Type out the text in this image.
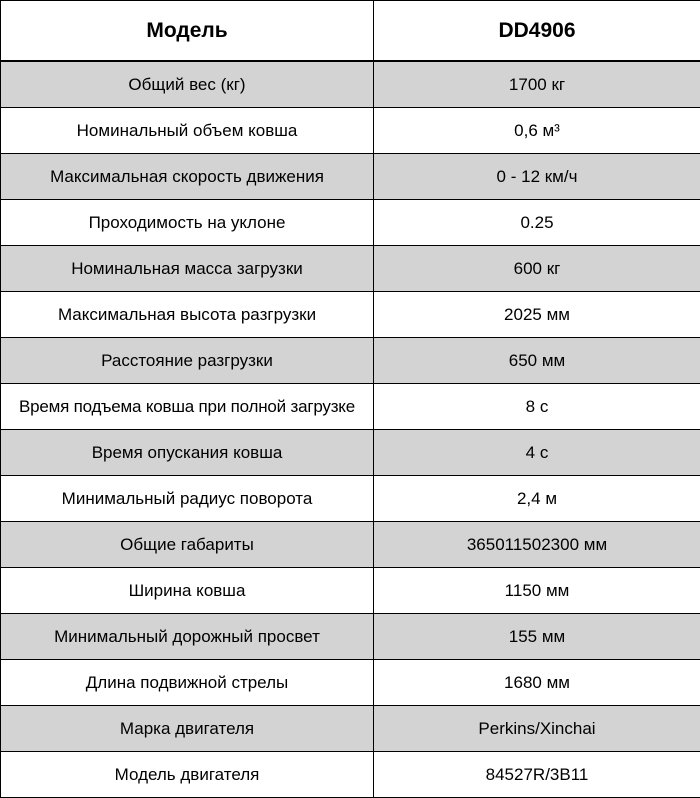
Модель	DD4906
Общий вес (кг)	1700 кг
Номинальный объем ковша	0,6 м³
Максимальная скорость движения	0 - 12 км/ч
Проходимость на уклоне	0.25
Номинальная масса загрузки	600 кг
Максимальная высота разгрузки	2025 мм
Расстояние разгрузки	650 мм
Время подъема ковша при полной загрузке	8 с
Время опускания ковша	4 с
Минимальный радиус поворота	2,4 м
Общие габариты	365011502300 мм
Ширина ковша	1150 мм
Минимальный дорожный просвет	155 мм
Длина подвижной стрелы	1680 мм
Марка двигателя	Perkins/Xinchai
Модель двигателя	84527R/3B11
